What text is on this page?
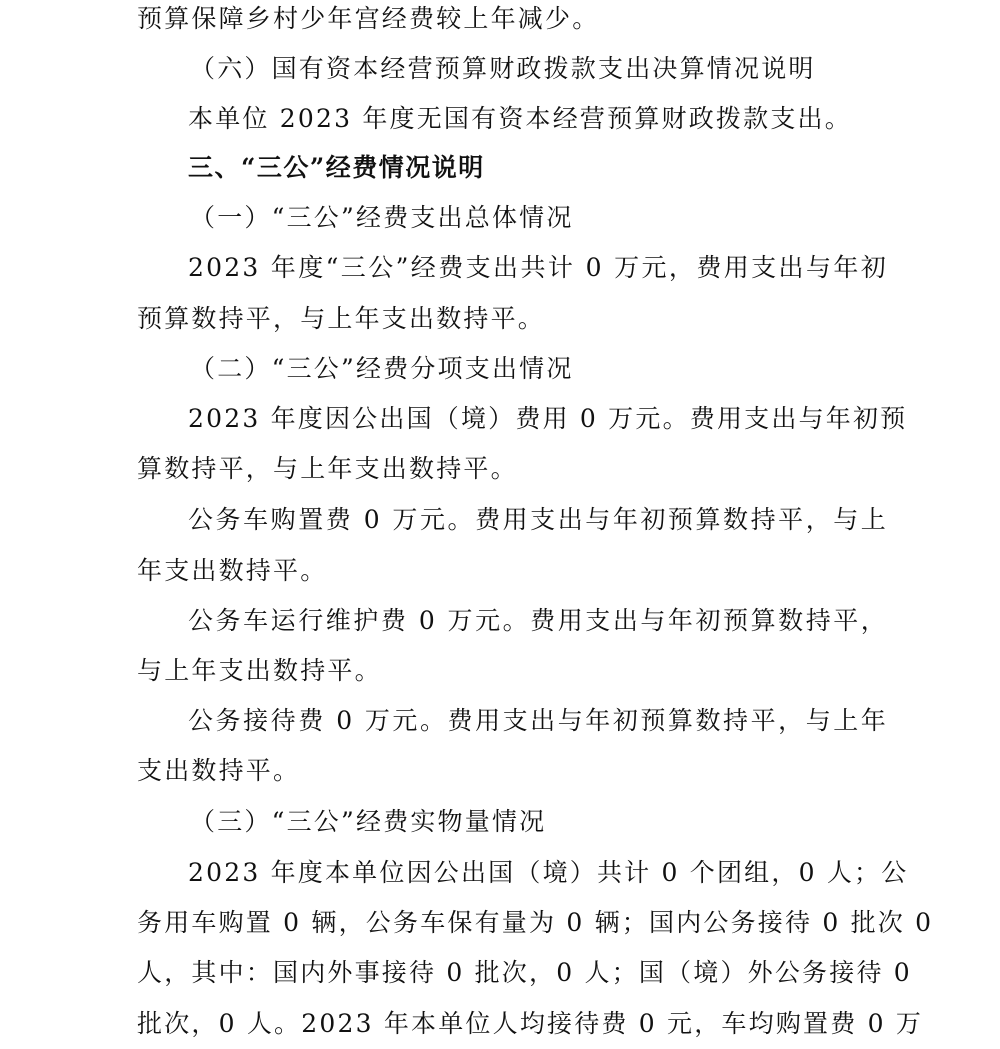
预算保障乡村少年宫经费较上年减少。
（六）国有资本经营预算财政拨款支出决算情况说明
本单位 2023 年度无国有资本经营预算财政拨款支出。
三、“三公”经费情况说明
（一）“三公”经费支出总体情况
2023 年度“三公”经费支出共计 0 万元，费用支出与年初
预算数持平，与上年支出数持平。
（二）“三公”经费分项支出情况
2023 年度因公出国（境）费用 0 万元。费用支出与年初预
算数持平，与上年支出数持平。
公务车购置费 0 万元。费用支出与年初预算数持平，与上
年支出数持平。
公务车运行维护费 0 万元。费用支出与年初预算数持平，
与上年支出数持平。
公务接待费 0 万元。费用支出与年初预算数持平，与上年
支出数持平。
（三）“三公”经费实物量情况
2023 年度本单位因公出国（境）共计 0 个团组，0 人；公
务用车购置 0 辆，公务车保有量为 0 辆；国内公务接待 0 批次 0
人，其中：国内外事接待 0 批次，0 人；国（境）外公务接待 0
批次，0 人。2023 年本单位人均接待费 0 元，车均购置费 0 万
